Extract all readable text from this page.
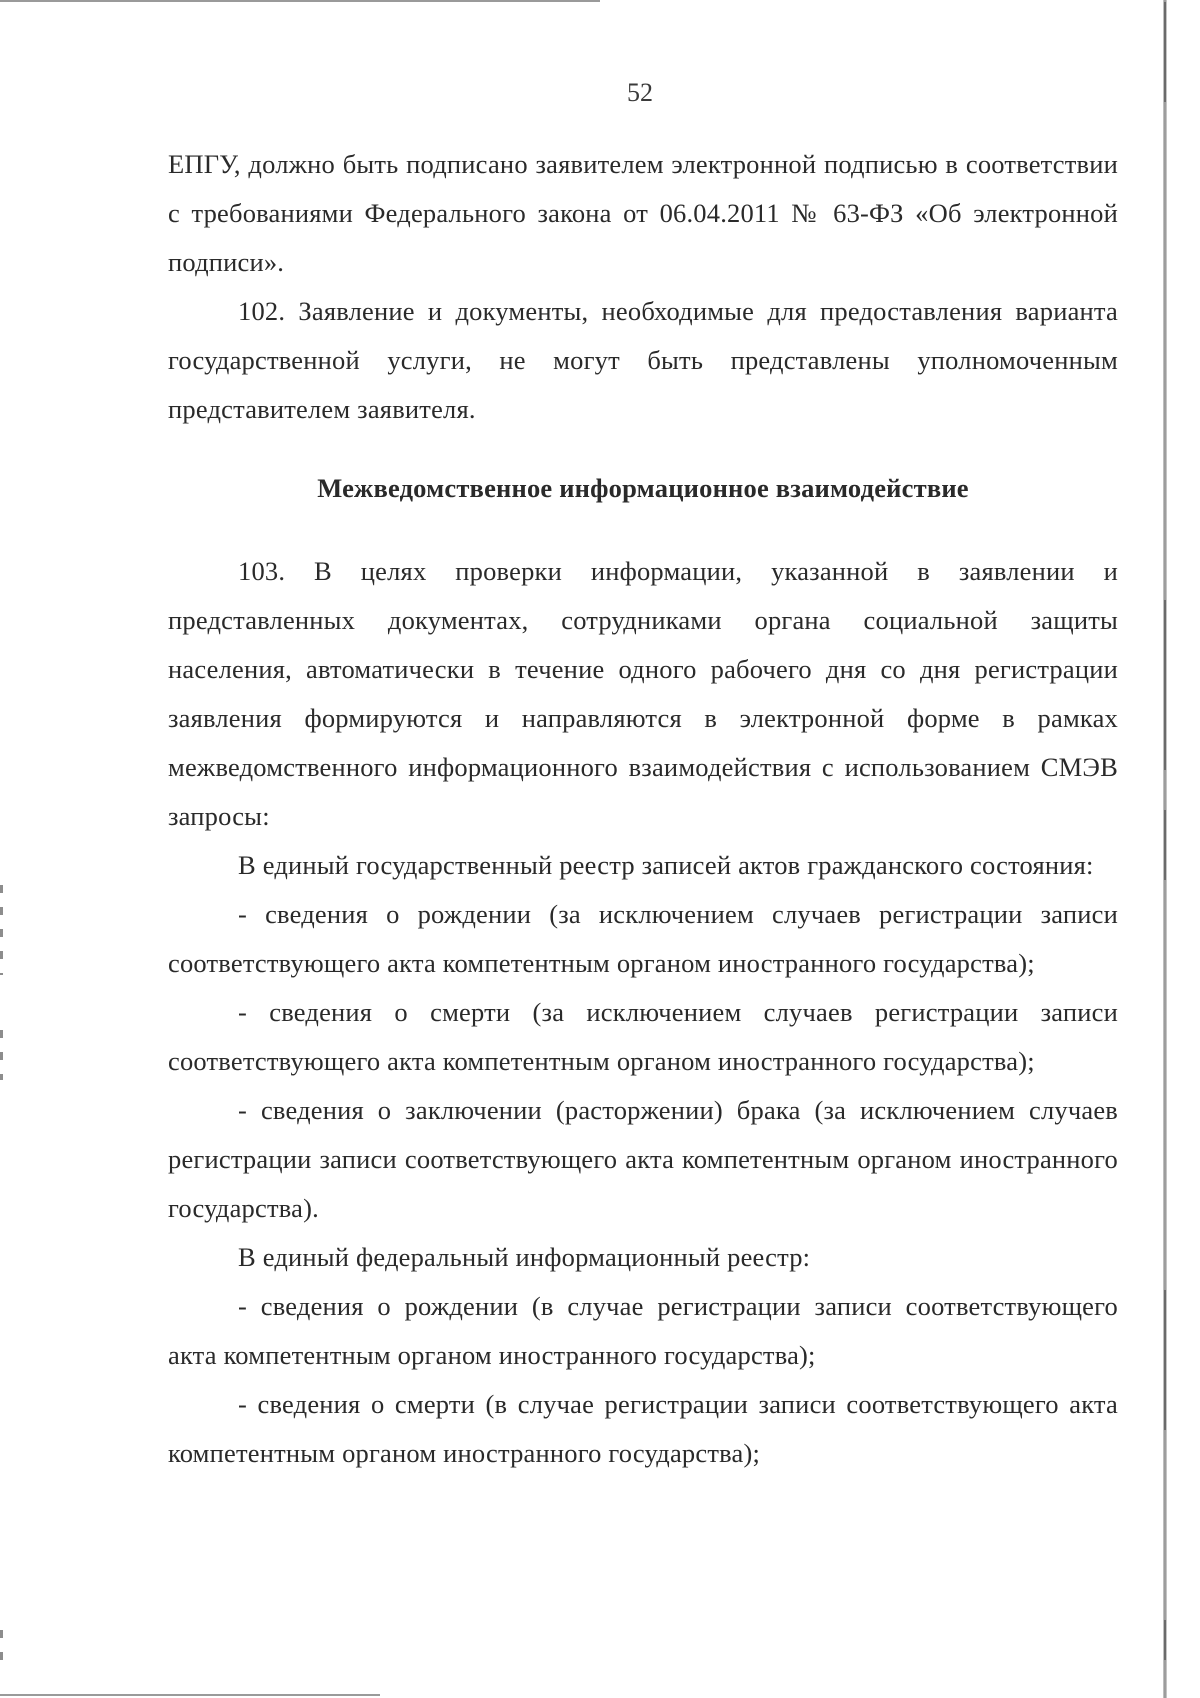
52

ЕПГУ, должно быть подписано заявителем электронной подписью в соответствии с требованиями Федерального закона от 06.04.2011 № 63-ФЗ «Об электронной подписи».

102. Заявление и документы, необходимые для предоставления варианта государственной услуги, не могут быть представлены уполномоченным представителем заявителя.

Межведомственное информационное взаимодействие

103. В целях проверки информации, указанной в заявлении и представленных документах, сотрудниками органа социальной защиты населения, автоматически в течение одного рабочего дня со дня регистрации заявления формируются и направляются в электронной форме в рамках межведомственного информационного взаимодействия с использованием СМЭВ запросы:

В единый государственный реестр записей актов гражданского состояния:

- сведения о рождении (за исключением случаев регистрации записи соответствующего акта компетентным органом иностранного государства);

- сведения о смерти (за исключением случаев регистрации записи соответствующего акта компетентным органом иностранного государства);

- сведения о заключении (расторжении) брака (за исключением случаев регистрации записи соответствующего акта компетентным органом иностранного государства).

В единый федеральный информационный реестр:

- сведения о рождении (в случае регистрации записи соответствующего акта компетентным органом иностранного государства);

- сведения о смерти (в случае регистрации записи соответствующего акта компетентным органом иностранного государства);
